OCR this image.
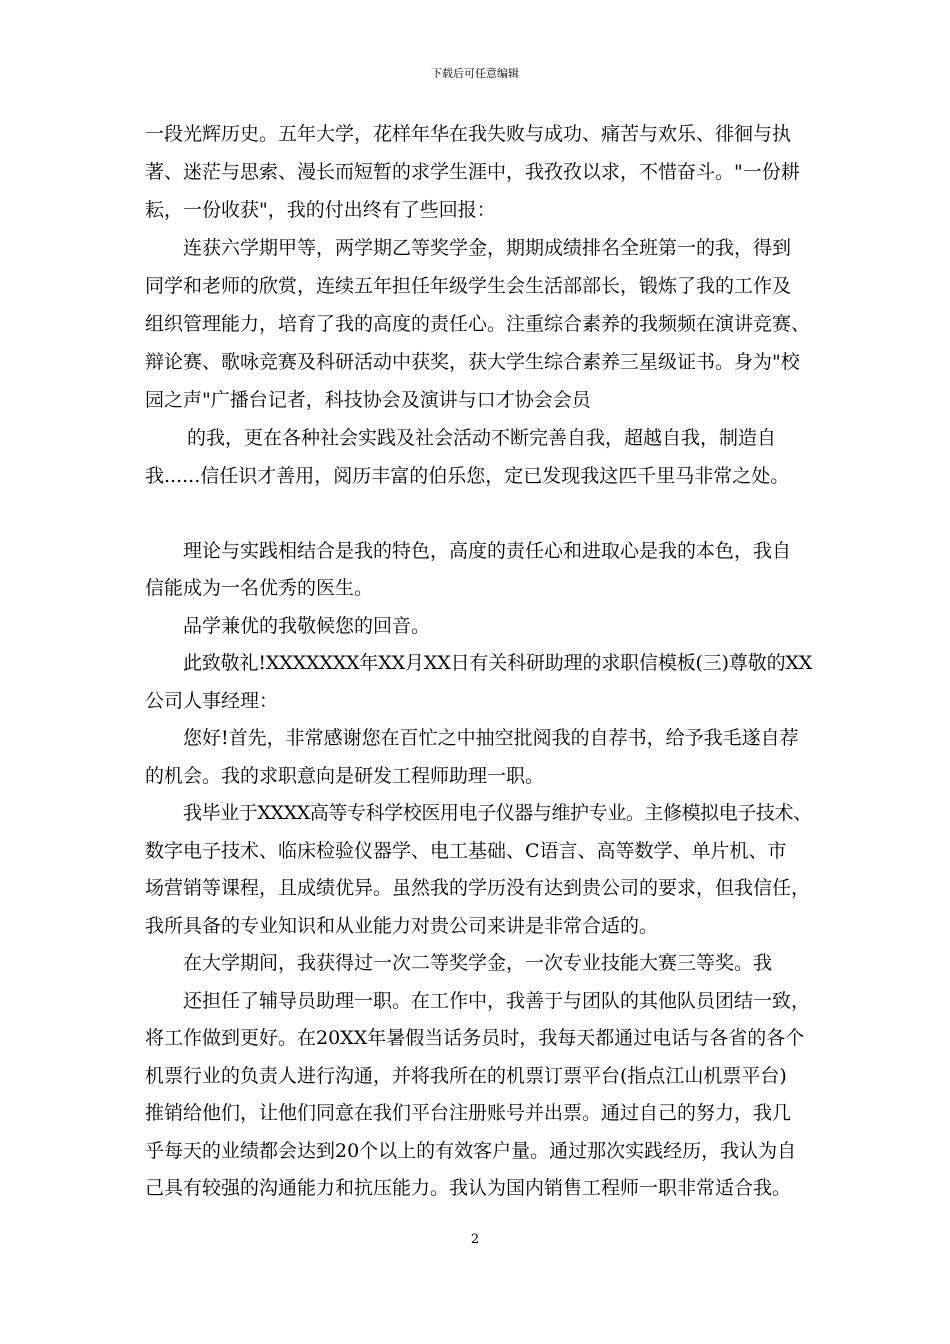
下载后可任意编辑
一段光辉历史。五年大学，花样年华在我失败与成功、痛苦与欢乐、徘徊与执
著、迷茫与思索、漫长而短暂的求学生涯中，我孜孜以求，不惜奋斗。"一份耕
耘，一份收获"，我的付出终有了些回报：
连获六学期甲等，两学期乙等奖学金，期期成绩排名全班第一的我，得到
同学和老师的欣赏，连续五年担任年级学生会生活部部长，锻炼了我的工作及
组织管理能力，培育了我的高度的责任心。注重综合素养的我频频在演讲竞赛、
辩论赛、歌咏竞赛及科研活动中获奖，获大学生综合素养三星级证书。身为"校
园之声"广播台记者，科技协会及演讲与口才协会会员
的我，更在各种社会实践及社会活动不断完善自我，超越自我，制造自
我......信任识才善用，阅历丰富的伯乐您，定已发现我这匹千里马非常之处。
理论与实践相结合是我的特色，高度的责任心和进取心是我的本色，我自
信能成为一名优秀的医生。
品学兼优的我敬候您的回音。
此致敬礼!XXXXXXX年XX月XX日有关科研助理的求职信模板(三)尊敬的XX
公司人事经理：
您好!首先，非常感谢您在百忙之中抽空批阅我的自荐书，给予我毛遂自荐
的机会。我的求职意向是研发工程师助理一职。
我毕业于XXXX高等专科学校医用电子仪器与维护专业。主修模拟电子技术、
数字电子技术、临床检验仪器学、电工基础、C语言、高等数学、单片机、市
场营销等课程，且成绩优异。虽然我的学历没有达到贵公司的要求，但我信任，
我所具备的专业知识和从业能力对贵公司来讲是非常合适的。
在大学期间，我获得过一次二等奖学金，一次专业技能大赛三等奖。我
还担任了辅导员助理一职。在工作中，我善于与团队的其他队员团结一致，
将工作做到更好。在20XX年暑假当话务员时，我每天都通过电话与各省的各个
机票行业的负责人进行沟通，并将我所在的机票订票平台(指点江山机票平台)
推销给他们，让他们同意在我们平台注册账号并出票。通过自己的努力，我几
乎每天的业绩都会达到20个以上的有效客户量。通过那次实践经历，我认为自
己具有较强的沟通能力和抗压能力。我认为国内销售工程师一职非常适合我。
2
